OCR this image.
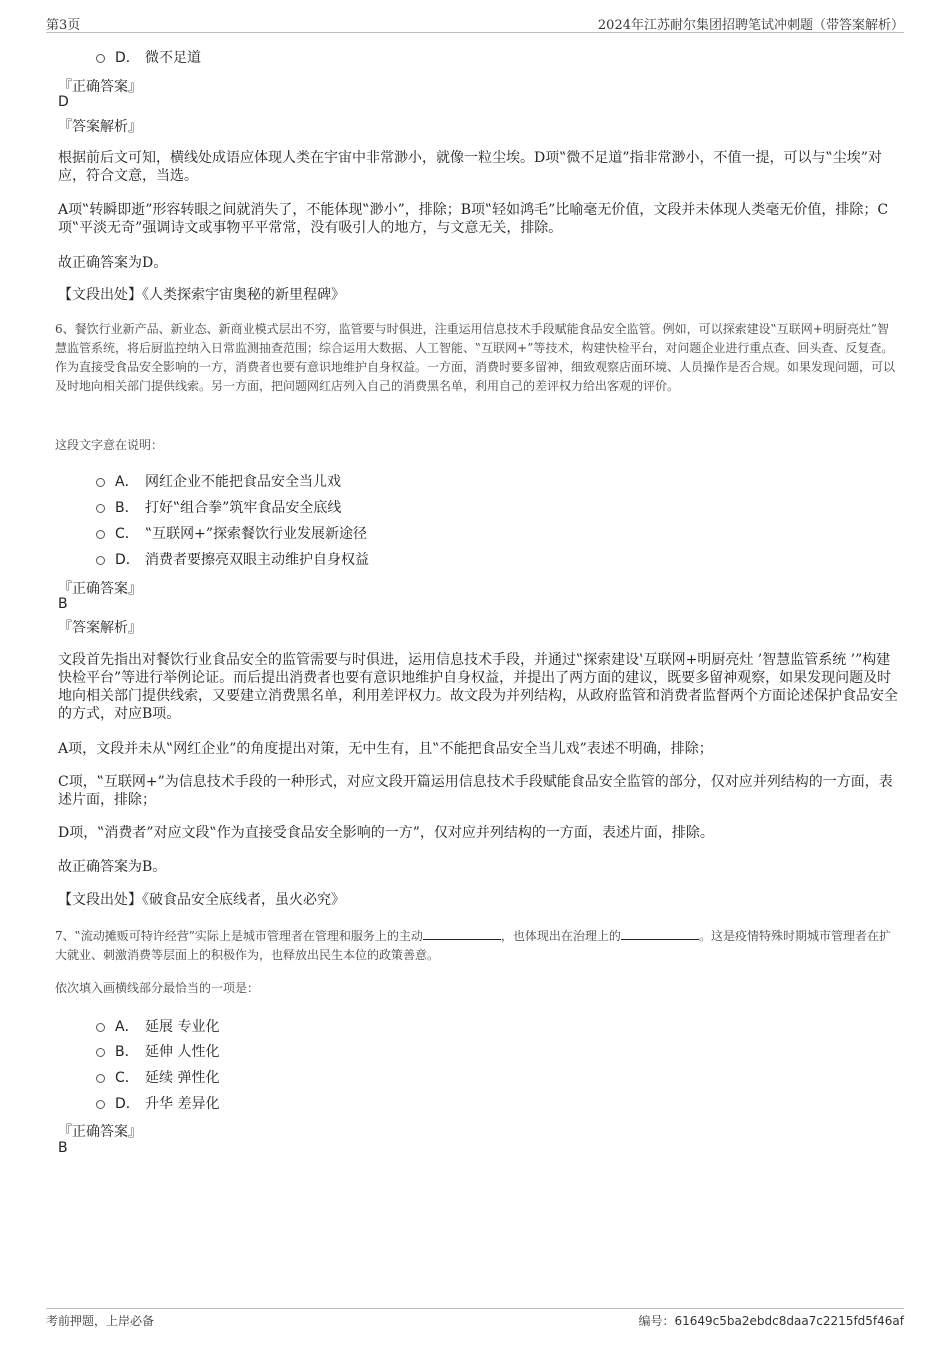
第3页	2024年江苏耐尔集团招聘笔试冲刺题（带答案解析）
D． 微不足道
『正确答案』
D
『答案解析』
根据前后文可知，横线处成语应体现人类在宇宙中非常渺小，就像一粒尘埃。D项‟微不足道”指非常渺小，不值一提，可以与‟尘埃”对应，符合文意，当选。
A项‟转瞬即逝”形容转眼之间就消失了，不能体现‟渺小”，排除；B项‟轻如鸿毛”比喻毫无价值，文段并未体现人类毫无价值，排除；C项‟平淡无奇”强调诗文或事物平平常常，没有吸引人的地方，与文意无关，排除。
故正确答案为D。
【文段出处】《人类探索宇宙奥秘的新里程碑》
6、餐饮行业新产品、新业态、新商业模式层出不穷，监管要与时俱进，注重运用信息技术手段赋能食品安全监管。例如，可以探索建设‟互联网+明厨亮灶”智慧监管系统，将后厨监控纳入日常监测抽查范围；综合运用大数据、人工智能、‟互联网+”等技术，构建快检平台，对问题企业进行重点查、回头查、反复查。作为直接受食品安全影响的一方，消费者也要有意识地维护自身权益。一方面，消费时要多留神，细致观察店面环境、人员操作是否合规。如果发现问题，可以及时地向相关部门提供线索。另一方面，把问题网红店列入自己的消费黑名单，利用自己的差评权力给出客观的评价。
这段文字意在说明：
A． 网红企业不能把食品安全当儿戏
B． 打好‟组合拳”筑牢食品安全底线
C． ‟互联网+”探索餐饮行业发展新途径
D． 消费者要擦亮双眼主动维护自身权益
『正确答案』
B
『答案解析』
文段首先指出对餐饮行业食品安全的监管需要与时俱进，运用信息技术手段，并通过‟探索建设‛互联网+明厨亮灶 ’智慧监管系统 ’”构建快检平台”等进行举例论证。而后提出消费者也要有意识地维护自身权益，并提出了两方面的建议，既要多留神观察，如果发现问题及时地向相关部门提供线索，又要建立消费黑名单，利用差评权力。故文段为并列结构，从政府监管和消费者监督两个方面论述保护食品安全的方式，对应B项。
A项，文段并未从‟网红企业”的角度提出对策，无中生有，且‟不能把食品安全当儿戏”表述不明确，排除；
C项，‟互联网+”为信息技术手段的一种形式，对应文段开篇运用信息技术手段赋能食品安全监管的部分，仅对应并列结构的一方面，表述片面，排除；
D项，‟消费者”对应文段‟作为直接受食品安全影响的一方”，仅对应并列结构的一方面，表述片面，排除。
故正确答案为B。
【文段出处】《破食品安全底线者，虽火必究》
7、‟流动摊贩可特许经营”实际上是城市管理者在管理和服务上的主动	，也体现出在治理上的	。这是疫情特殊时期城市管理者在扩大就业、刺激消费等层面上的积极作为，也释放出民生本位的政策善意。
依次填入画横线部分最恰当的一项是：
A． 延展 专业化
B． 延伸 人性化
C． 延续 弹性化
D． 升华 差异化
『正确答案』
B
考前押题，上岸必备	编号：61649c5ba2ebdc8daa7c2215fd5f46af
